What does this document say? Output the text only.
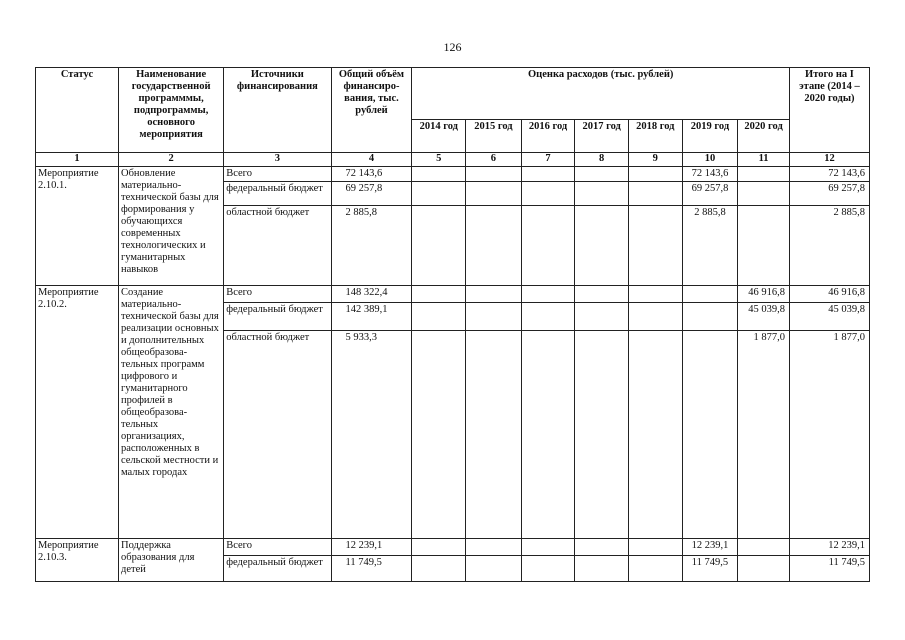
126
Статус	Наименование государственной программмы, подпрограммы, основного мероприятия	Источники финансирования	Общий объём финансиро-вания, тыс. рублей	Оценка расходов (тыс. рублей)							Итого на I этапе (2014 – 2020 годы)
				2014 год	2015 год	2016 год	2017 год	2018 год	2019 год	2020 год	
1	2	3	4	5	6	7	8	9	10	11	12
Мероприятие 2.10.1.	Обновление материально-технической базы для формирования у обучающихся современных технологических и гуманитарных навыков	Всего	72 143,6						72 143,6		72 143,6
		федеральный бюджет	69 257,8						69 257,8		69 257,8
		областной бюджет	2 885,8						2 885,8		2 885,8
Мероприятие 2.10.2.	Создание материально-технической базы для реализации основных и дополнительных общеобразова-тельных программ цифрового и гуманитарного профилей в общеобразова-тельных организациях, расположенных в сельской местности и малых городах	Всего	148 322,4							46 916,8	46 916,8
		федеральный бюджет	142 389,1							45 039,8	45 039,8
		областной бюджет	5 933,3							1 877,0	1 877,0
Мероприятие 2.10.3.	Поддержка образования для детей	Всего	12 239,1						12 239,1		12 239,1
		федеральный бюджет	11 749,5						11 749,5		11 749,5
